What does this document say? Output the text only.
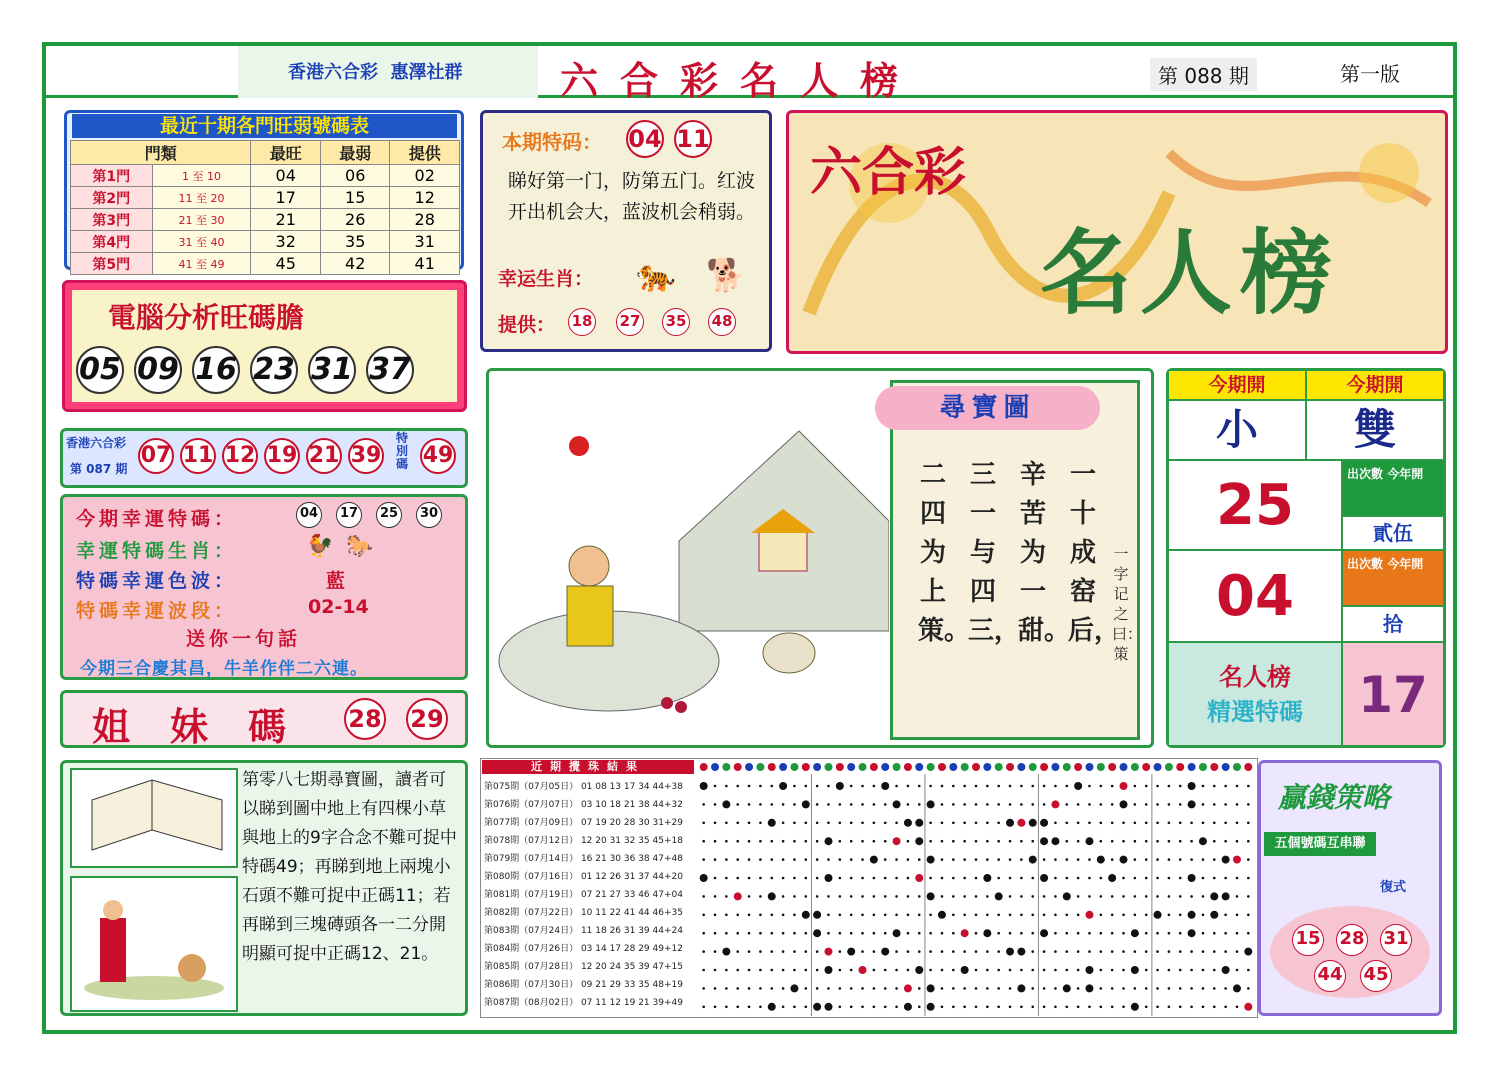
香港六合彩 惠澤社群	六合彩名人榜	第 088 期	第一版
最近十期各門旺弱號碼表
門類		最旺	最弱	提供
第1門	1 至 10	04	06	02
第2門	11 至 20	17	15	12
第3門	21 至 30	21	26	28
第4門	31 至 40	32	35	31
第5門	41 至 49	45	42	41
電腦分析旺碼膽
05 09 16 23 31 37
香港六合彩
第 087 期
07 11 12 19 21 39
特別碼 49
今期幸運特碼：	04	17	25	30
幸運特碼生肖：	🐓 🐎
特碼幸運色波：	藍
特碼幸運波段：	02-14
送你一句話
今期三合慶其昌，牛羊作伴二六連。
姐妹碼 28 29
本期特码： 04 11
睇好第一门，防第五门。红波开出机会大，蓝波机会稍弱。
幸运生肖： 🐅 🐕
提供： 18 27 35 48
六合彩
名人榜
尋寶圖
一十成窑后，
辛苦为一甜。
三一与四三，
二四为上策。
一字记之曰：策
今期開	今期開
小	雙
25	出次數 今年開
貳伍
04	出次數 今年開
拾
名人榜
精選特碼	17
第零八七期尋寶圖，讀者可以睇到圖中地上有四棵小草與地上的9字合念不難可捉中特碼49；再睇到地上兩塊小石頭不難可捉中正碼11；若再睇到三塊磚頭各一二分開明顯可捉中正碼12、21。
近期攪珠結果
第075期（07月05日） 01 08 13 17 34 44+38
第076期（07月07日） 03 10 18 21 38 44+32
第077期（07月09日） 07 19 20 28 30 31+29
第078期（07月12日） 12 20 31 32 35 45+18
第079期（07月14日） 16 21 30 36 38 47+48
第080期（07月16日） 01 12 26 31 37 44+20
第081期（07月19日） 07 21 27 33 46 47+04
第082期（07月22日） 10 11 22 41 44 46+35
第083期（07月24日） 11 18 26 31 39 44+24
第084期（07月26日） 03 14 17 28 29 49+12
第085期（07月28日） 12 20 24 35 39 47+15
第086期（07月30日） 09 21 29 33 35 48+19
第087期（08月02日） 07 11 12 19 21 39+49
贏錢策略
五個號碼互串聯
復式
15 28 31
44 45
